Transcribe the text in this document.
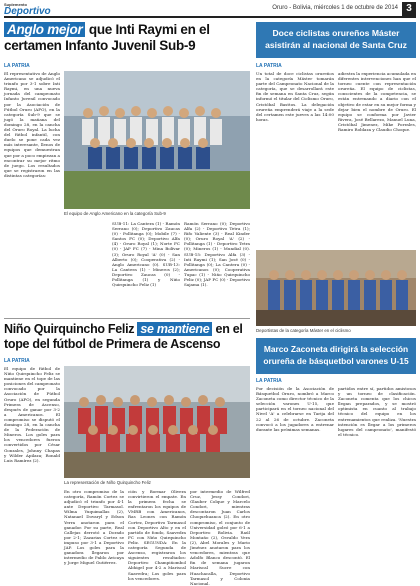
Suplemento
Deportivo	Oruro - Bolivia, miércoles 1 de octubre de 2014 3
Anglo mejor que Inti Raymi en el certamen Infanto Juvenil Sub-9
LA PATRIA
El representativo de Anglo Americano se adjudicó el triunfo por 3-1 sobre Inti Raymi, en una nueva jornada del campeonato Infanto Juvenil convocado por la Asociación de Fútbol Oruro (AFO), en la categoría Sub-9 que se jugó la mañana del domingo 28, en la cancha del Oruro Royal. La lucha del fútbol infantil, con duelo se pone cada vez más interesante, llenos de equipos que demuestran que por a poco empiezan a encontrar su mejor ritmo de juego. Los resultados que se registraron en las distintas categorías:
El equipo de Anglo Americano en la categoría Sub-9
SUB-11: La Cantera (1) - Ramón Serrano (0); Deportivo Zaucas (0) - Pollitanga (0); Mobile (7) - Santos FC (0); Deportivo Alfa (4) - Oruro Royal (1); Norte FC (0) - JAP FC (7) - Mina Bolívar (3); Oruro Royal 'A' (0) - San Alberto (0); Cooperativa (2) - Anglo Americano (0). SUB-13: La Cantera (1) - Mineros (2); Deportivo Zaucas (0) - Pollitanga (1) y Niño Quirquincho Feliz (1)
Ramón Serrano (0); Deportivo Alfa (2) - Deportivo Tetra (1); Rifo Valiente (3) - Real Kinder (0); Oruro Royal 'A' (2) - Pollitanga (1) - Deportivo Tetra (0); Mineros (1) - Mundial (0). SUB-15: Deportivo Alfa (3) - Inti Raymi (1); San José (0) - Pollitanga (0); La Cantera (0) - Americanos (0); Cooperativa Tupac (1) - Niño Quirquincho Feliz (0); JAP FC (0) - Deportivo Sajama (1).
Niño Quirquincho Feliz se mantiene en el tope del fútbol de Primera de Ascenso
LA PATRIA
El equipo de fútbol de Niño Quirquincho Feliz se mantiene en el tope de las posiciones del campeonato convocado por la Asociación de Fútbol Oruro (AFO), en segunda Primera de Ascenso, después de ganar por 3-2 a Americanos. El compromiso se disputó el domingo 28, en la cancha de la Federación de Mineros. Los goles para los vencedores fueron convertidos por César Gonzales, Johnny Chapas y Wilder Apilaza; Ronald Luis Ramírez (2).
La representación de Niño Quirquincho Feliz
En otro compromiso de la categoría, Ramón Cortez se adjudicó el triunfo por 4-1 ante Deportivo Tarmasol. Wilma Yuquimallas (2), Natanael Dovaryl y Edson Yerra anotaron para el ganador. Por su parte, Real Callejas derrotó a Dorado por 2-1; Zazarias Cortez se impuso por 3-1 a Deportivo JAP. Los goles para la ganadora llegaron por intermedio de Pablo Avicaya y Jorge Miguel Gutiérrez.
ción y Bormar Olivera convirtieron el empate. En la primera fecha se enfrentaron los equipos de VMRB con Americanos, Ras Leones con Ramón Cortez, Deportivo Tarmasol con Deportivo Alto y en el partido de fondo, Saavedra FC con Niño Quirquincho Feliz. SEGUNDA: En la categoría Segunda de Ascenso, registraron los siguientes resultados: Deportivo Champiñombol Abhigel por 4-2 a Mariscal Saavedra; Los goles para los vencedores.
por intermedio de Wilfred Cruz, Jessy Condori, Glauber Colque y Marcelo Condori, mientras descontaron Juan Carlos Choquehuanca (2). En otro compromiso, el conjunto de Universidad goleó por 6-1 a Deportivo Bolivia. Raúl Montaño (2), Osvaldo Vera (2), Abel Morales y Mario Jiménez anotaron para los vencedores, mientras que Adolfo Blanco descontó. El fin de semana jugaron Mariscal Sucre con Huachacalla, Deportivo Tarmasol y Colonia Nacional.
Doce ciclistas orureños Máster
asistirán al nacional de Santa Cruz
LA PATRIA
Un total de doce ciclistas orureños en la categoría Máster tomarán parte del Campeonato Nacional de la categoría, que se desarrollará este fin de semana en Santa Cruz, según informó el titular del Ciclismo Oruro, Cristóbal Basttos. La delegación orureña emprenderá viaje a la sede del certamen este jueves a las 14:00 horas.
adiestra la experiencia acumulada en diferentes intervenciones han que el torneo cuente con representación orureña. El equipo de ciclistas, conscientes de la competencia, se están entrenando a diario con el objetivo de estar en su mejor forma y dejar bien el nombre de Oruro. El equipo se conforma por Javier Rivera, José Bellarezo, Manuel Luna, Cristóbal Jimenez, Mike Porrales, Ramiro Roblaza y Claudio Choque.
Deportistas de la categoría Máster en el ciclismo
Marco Zaconeta dirigirá la selección
orureña de básquetbol varones U-15
LA PATRIA
Por decisión de la Asociación de Básquetbol Oruro, nombró a Marco Zaconeta como director técnico de la selección varones U-15, que participará en el torneo nacional del Nivel 'A' a celebrarse en Tarija del 22 al 26 de octubre. Zaconeta convocó a los jugadores a entrenar durante las próximas semanas.
partidos entre sí, partidos amistosos y un torneo de clasificación. Zaconeta comenta que los chicos llegan preparados, y se mostró optimista en cuanto al trabajo técnico del equipo en los entrenamientos que realiza. 'Nuestra intención es llegar a los primeros lugares del campeonato', manifestó el técnico.
